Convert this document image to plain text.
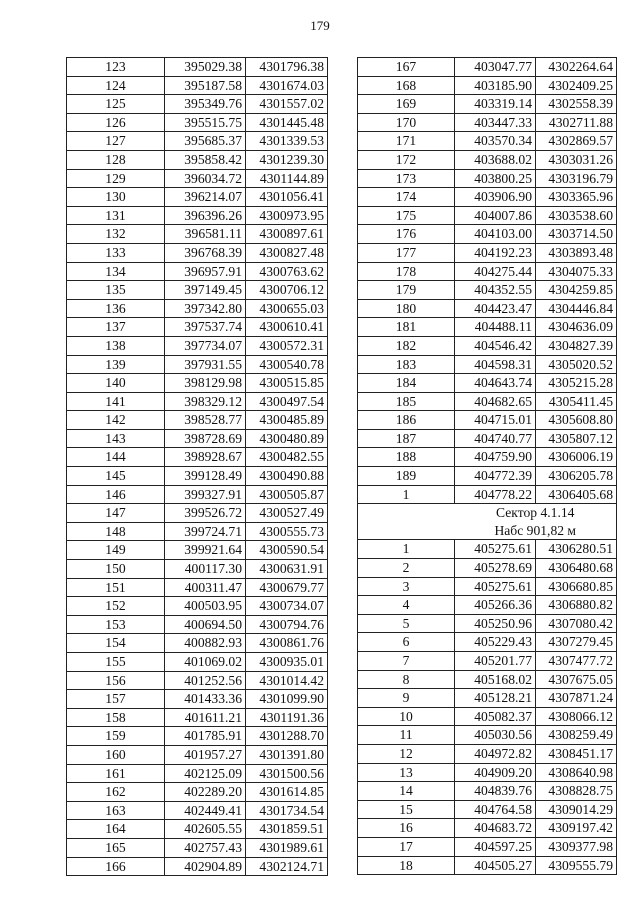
179
123	395029.38	4301796.38
124	395187.58	4301674.03
125	395349.76	4301557.02
126	395515.75	4301445.48
127	395685.37	4301339.53
128	395858.42	4301239.30
129	396034.72	4301144.89
130	396214.07	4301056.41
131	396396.26	4300973.95
132	396581.11	4300897.61
133	396768.39	4300827.48
134	396957.91	4300763.62
135	397149.45	4300706.12
136	397342.80	4300655.03
137	397537.74	4300610.41
138	397734.07	4300572.31
139	397931.55	4300540.78
140	398129.98	4300515.85
141	398329.12	4300497.54
142	398528.77	4300485.89
143	398728.69	4300480.89
144	398928.67	4300482.55
145	399128.49	4300490.88
146	399327.91	4300505.87
147	399526.72	4300527.49
148	399724.71	4300555.73
149	399921.64	4300590.54
150	400117.30	4300631.91
151	400311.47	4300679.77
152	400503.95	4300734.07
153	400694.50	4300794.76
154	400882.93	4300861.76
155	401069.02	4300935.01
156	401252.56	4301014.42
157	401433.36	4301099.90
158	401611.21	4301191.36
159	401785.91	4301288.70
160	401957.27	4301391.80
161	402125.09	4301500.56
162	402289.20	4301614.85
163	402449.41	4301734.54
164	402605.55	4301859.51
165	402757.43	4301989.61
166	402904.89	4302124.71
167	403047.77	4302264.64
168	403185.90	4302409.25
169	403319.14	4302558.39
170	403447.33	4302711.88
171	403570.34	4302869.57
172	403688.02	4303031.26
173	403800.25	4303196.79
174	403906.90	4303365.96
175	404007.86	4303538.60
176	404103.00	4303714.50
177	404192.23	4303893.48
178	404275.44	4304075.33
179	404352.55	4304259.85
180	404423.47	4304446.84
181	404488.11	4304636.09
182	404546.42	4304827.39
183	404598.31	4305020.52
184	404643.74	4305215.28
185	404682.65	4305411.45
186	404715.01	4305608.80
187	404740.77	4305807.12
188	404759.90	4306006.19
189	404772.39	4306205.78
1	404778.22	4306405.68
	Сектор 4.1.14	
	Набс 901,82 м	
1	405275.61	4306280.51
2	405278.69	4306480.68
3	405275.61	4306680.85
4	405266.36	4306880.82
5	405250.96	4307080.42
6	405229.43	4307279.45
7	405201.77	4307477.72
8	405168.02	4307675.05
9	405128.21	4307871.24
10	405082.37	4308066.12
11	405030.56	4308259.49
12	404972.82	4308451.17
13	404909.20	4308640.98
14	404839.76	4308828.75
15	404764.58	4309014.29
16	404683.72	4309197.42
17	404597.25	4309377.98
18	404505.27	4309555.79
